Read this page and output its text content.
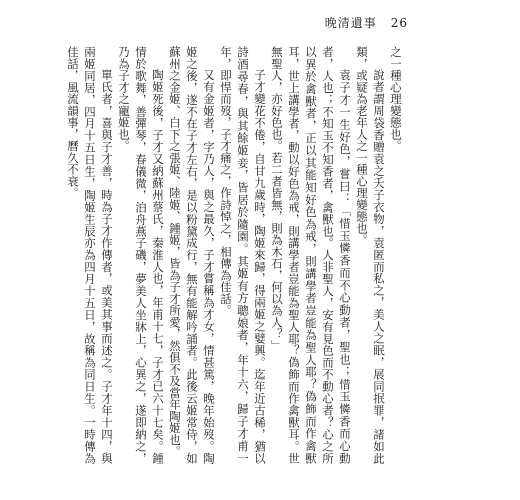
晚清遺事 26

之一種心理變態也。

說者謂周袋香贈袁之夭子衣物，袁匿而私之，美人之眠，展同抿罪，諸如此類，或疑為老年人之一種心理變態也。

袁子才一生好色，嘗曰：「惜玉憐香而不心動者，聖也；惜玉憐香而心動者，人也；不知玉不知香者，禽獸也。人非聖人，安有見色而不動心者？心之所以異於禽獸者，正以其能知好色為戒，則講學者豈能為聖人耶？偽飾而作禽獸耳，世上講學者，動以好色為戒，則講學者豈能為聖人耶？偽飾而作禽獸耳。世無聖人，亦好色也。若二者皆無，則為木石，何以為人？」

子才變花不倦，自甘九歲時，陶姬來歸，得兩姬之嬖興。迄年近古稀，猶以詩酒尋春，與其餘姬妾，皆居於隨園。其姬有方聰娘者，年十六，歸子才甫一年，即悍而歿，子才痛之，作詩悼之，相傳為佳話。

又有金姬者，字乃人，與之最久，子才嘗稱為才女，情甚篤，晚年始歿。陶姬之後，遂不在子才左右，是以粉黛成行，無有能解吟誦者。此後云姬常侍，如蘇州之金姬、白下之張姬、陸姬、鍾姬，皆為子才所愛，然俱不及當年陶姬也。

陶姬死後，子才又納蘇州蔡氏，秦淮人也，年甫十七，子才已六十七矣。鍾情於歌舞，善彈琴，春儀微，泊舟燕子磯，夢美人坐牀上，心異之，遂即納之，乃為子才之寵姬也。

單氏者，喜與子才善，時為子才作傳者，或美其事而述之。子才年十四，與兩姬同居，四月十五日生，陶姬生辰亦為四月十五日，故稱為同日生。一時傳為佳話，風流韻事，曆久不衰。
